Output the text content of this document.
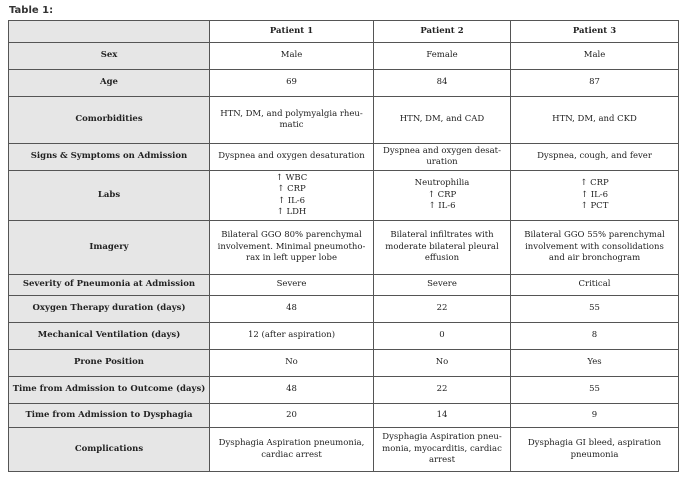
Table 1:
	Patient 1	Patient 2	Patient 3
Sex	Male	Female	Male

Age	69	84	87

Comorbidities	HTN, DM, and polymyalgia rheu-
matic	HTN, DM, and CAD	HTN, DM, and CKD

Signs & Symptoms on Admission	Dyspnea and oxygen desaturation	Dyspnea and oxygen desat-
uration	Dyspnea, cough, and fever

Labs	↑ WBC
↑ CRP
↑ IL-6
↑ LDH	Neutrophilia
↑ CRP
↑ IL-6	↑ CRP
↑ IL-6
↑ PCT

Imagery	Bilateral GGO 80% parenchymal
involvement. Minimal pneumotho-
rax in left upper lobe	Bilateral infiltrates with
moderate bilateral pleural
effusion	Bilateral GGO 55% parenchymal
involvement with consolidations
and air bronchogram

Severity of Pneumonia at Admission	Severe	Severe	Critical

Oxygen Therapy duration (days)	48	22	55

Mechanical Ventilation (days)	12 (after aspiration)	0	8

Prone Position	No	No	Yes

Time from Admission to Outcome (days)	48	22	55

Time from Admission to Dysphagia	20	14	9

Complications	Dysphagia Aspiration pneumonia,
cardiac arrest	Dysphagia Aspiration pneu-
monia, myocarditis, cardiac
arrest	Dysphagia GI bleed, aspiration
pneumonia
